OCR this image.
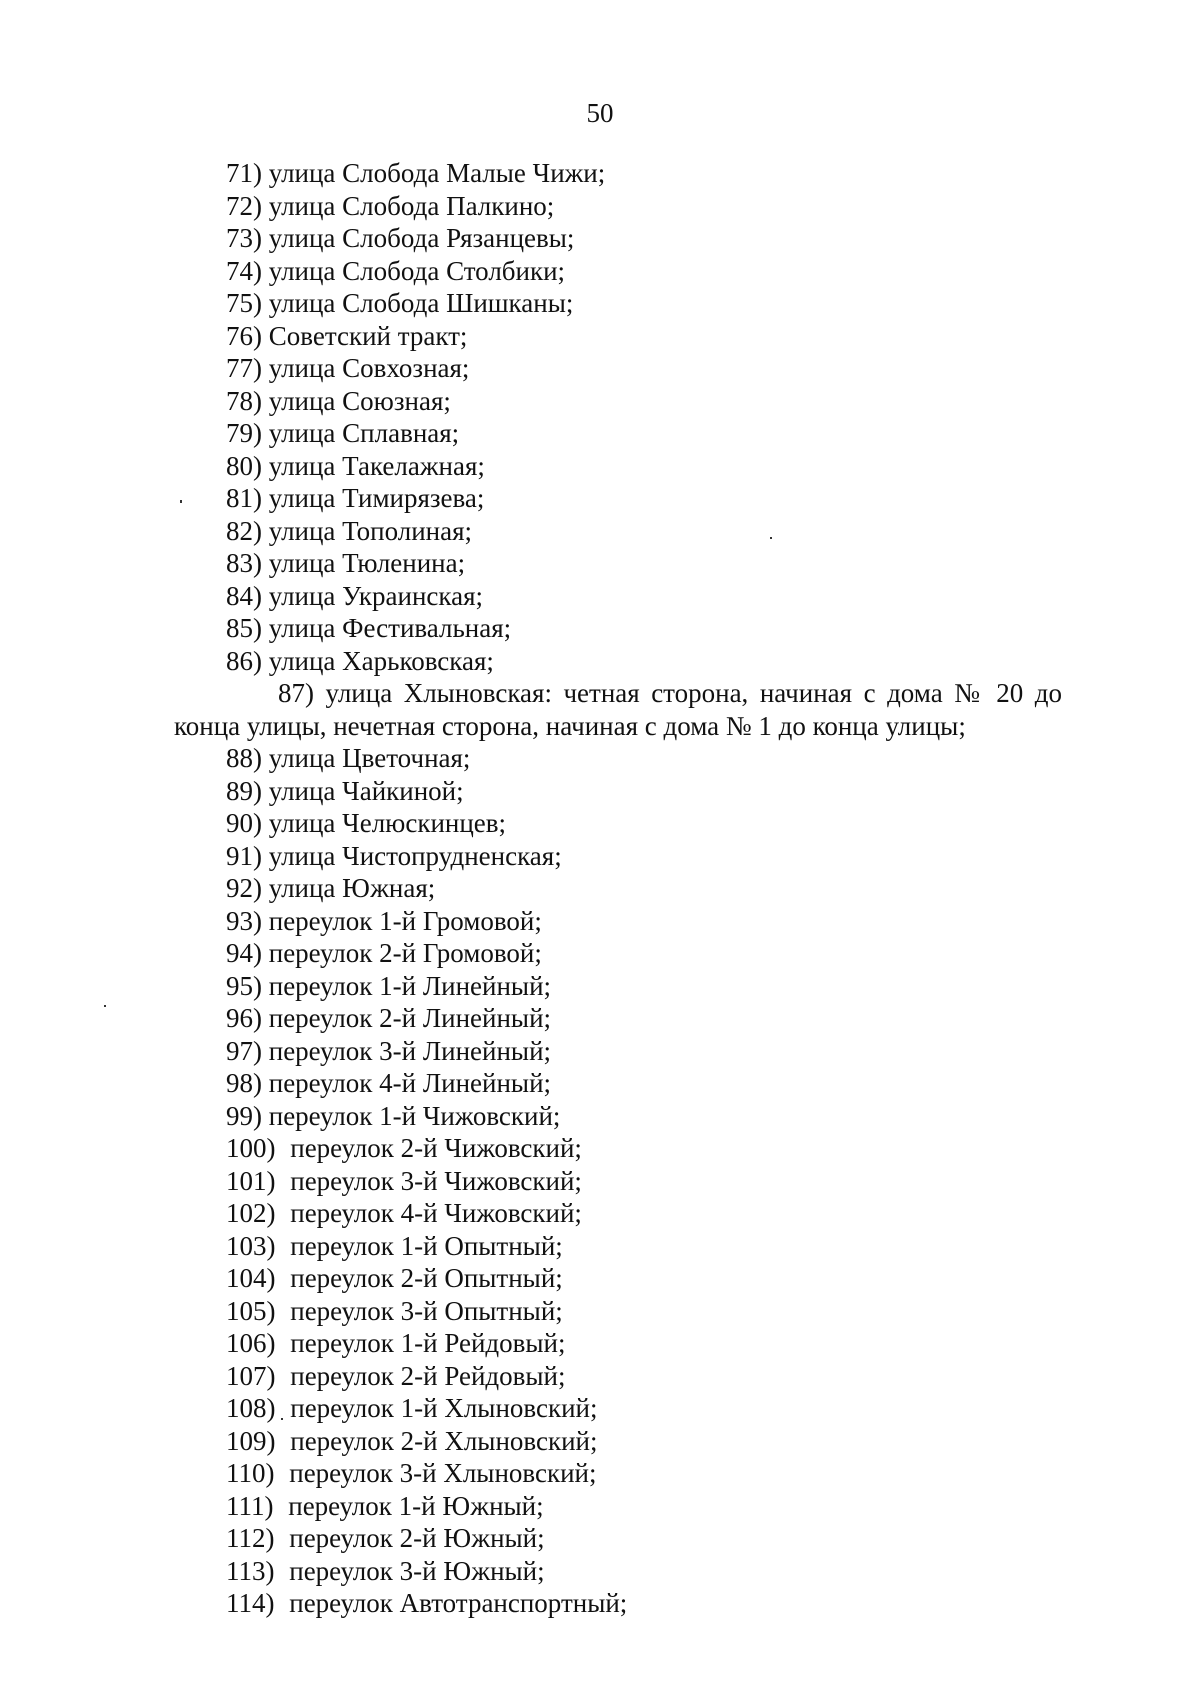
50
71) улица Слобода Малые Чижи;
72) улица Слобода Палкино;
73) улица Слобода Рязанцевы;
74) улица Слобода Столбики;
75) улица Слобода Шишканы;
76) Советский тракт;
77) улица Совхозная;
78) улица Союзная;
79) улица Сплавная;
80) улица Такелажная;
81) улица Тимирязева;
82) улица Тополиная;
83) улица Тюленина;
84) улица Украинская;
85) улица Фестивальная;
86) улица Харьковская;
87) улица Хлыновская: четная сторона, начиная с дома № 20 до конца улицы, нечетная сторона, начиная с дома № 1 до конца улицы;
88) улица Цветочная;
89) улица Чайкиной;
90) улица Челюскинцев;
91) улица Чистопрудненская;
92) улица Южная;
93) переулок 1-й Громовой;
94) переулок 2-й Громовой;
95) переулок 1-й Линейный;
96) переулок 2-й Линейный;
97) переулок 3-й Линейный;
98) переулок 4-й Линейный;
99) переулок 1-й Чижовский;
100) переулок 2-й Чижовский;
101) переулок 3-й Чижовский;
102) переулок 4-й Чижовский;
103) переулок 1-й Опытный;
104) переулок 2-й Опытный;
105) переулок 3-й Опытный;
106) переулок 1-й Рейдовый;
107) переулок 2-й Рейдовый;
108) переулок 1-й Хлыновский;
109) переулок 2-й Хлыновский;
110) переулок 3-й Хлыновский;
111) переулок 1-й Южный;
112) переулок 2-й Южный;
113) переулок 3-й Южный;
114) переулок Автотранспортный;
